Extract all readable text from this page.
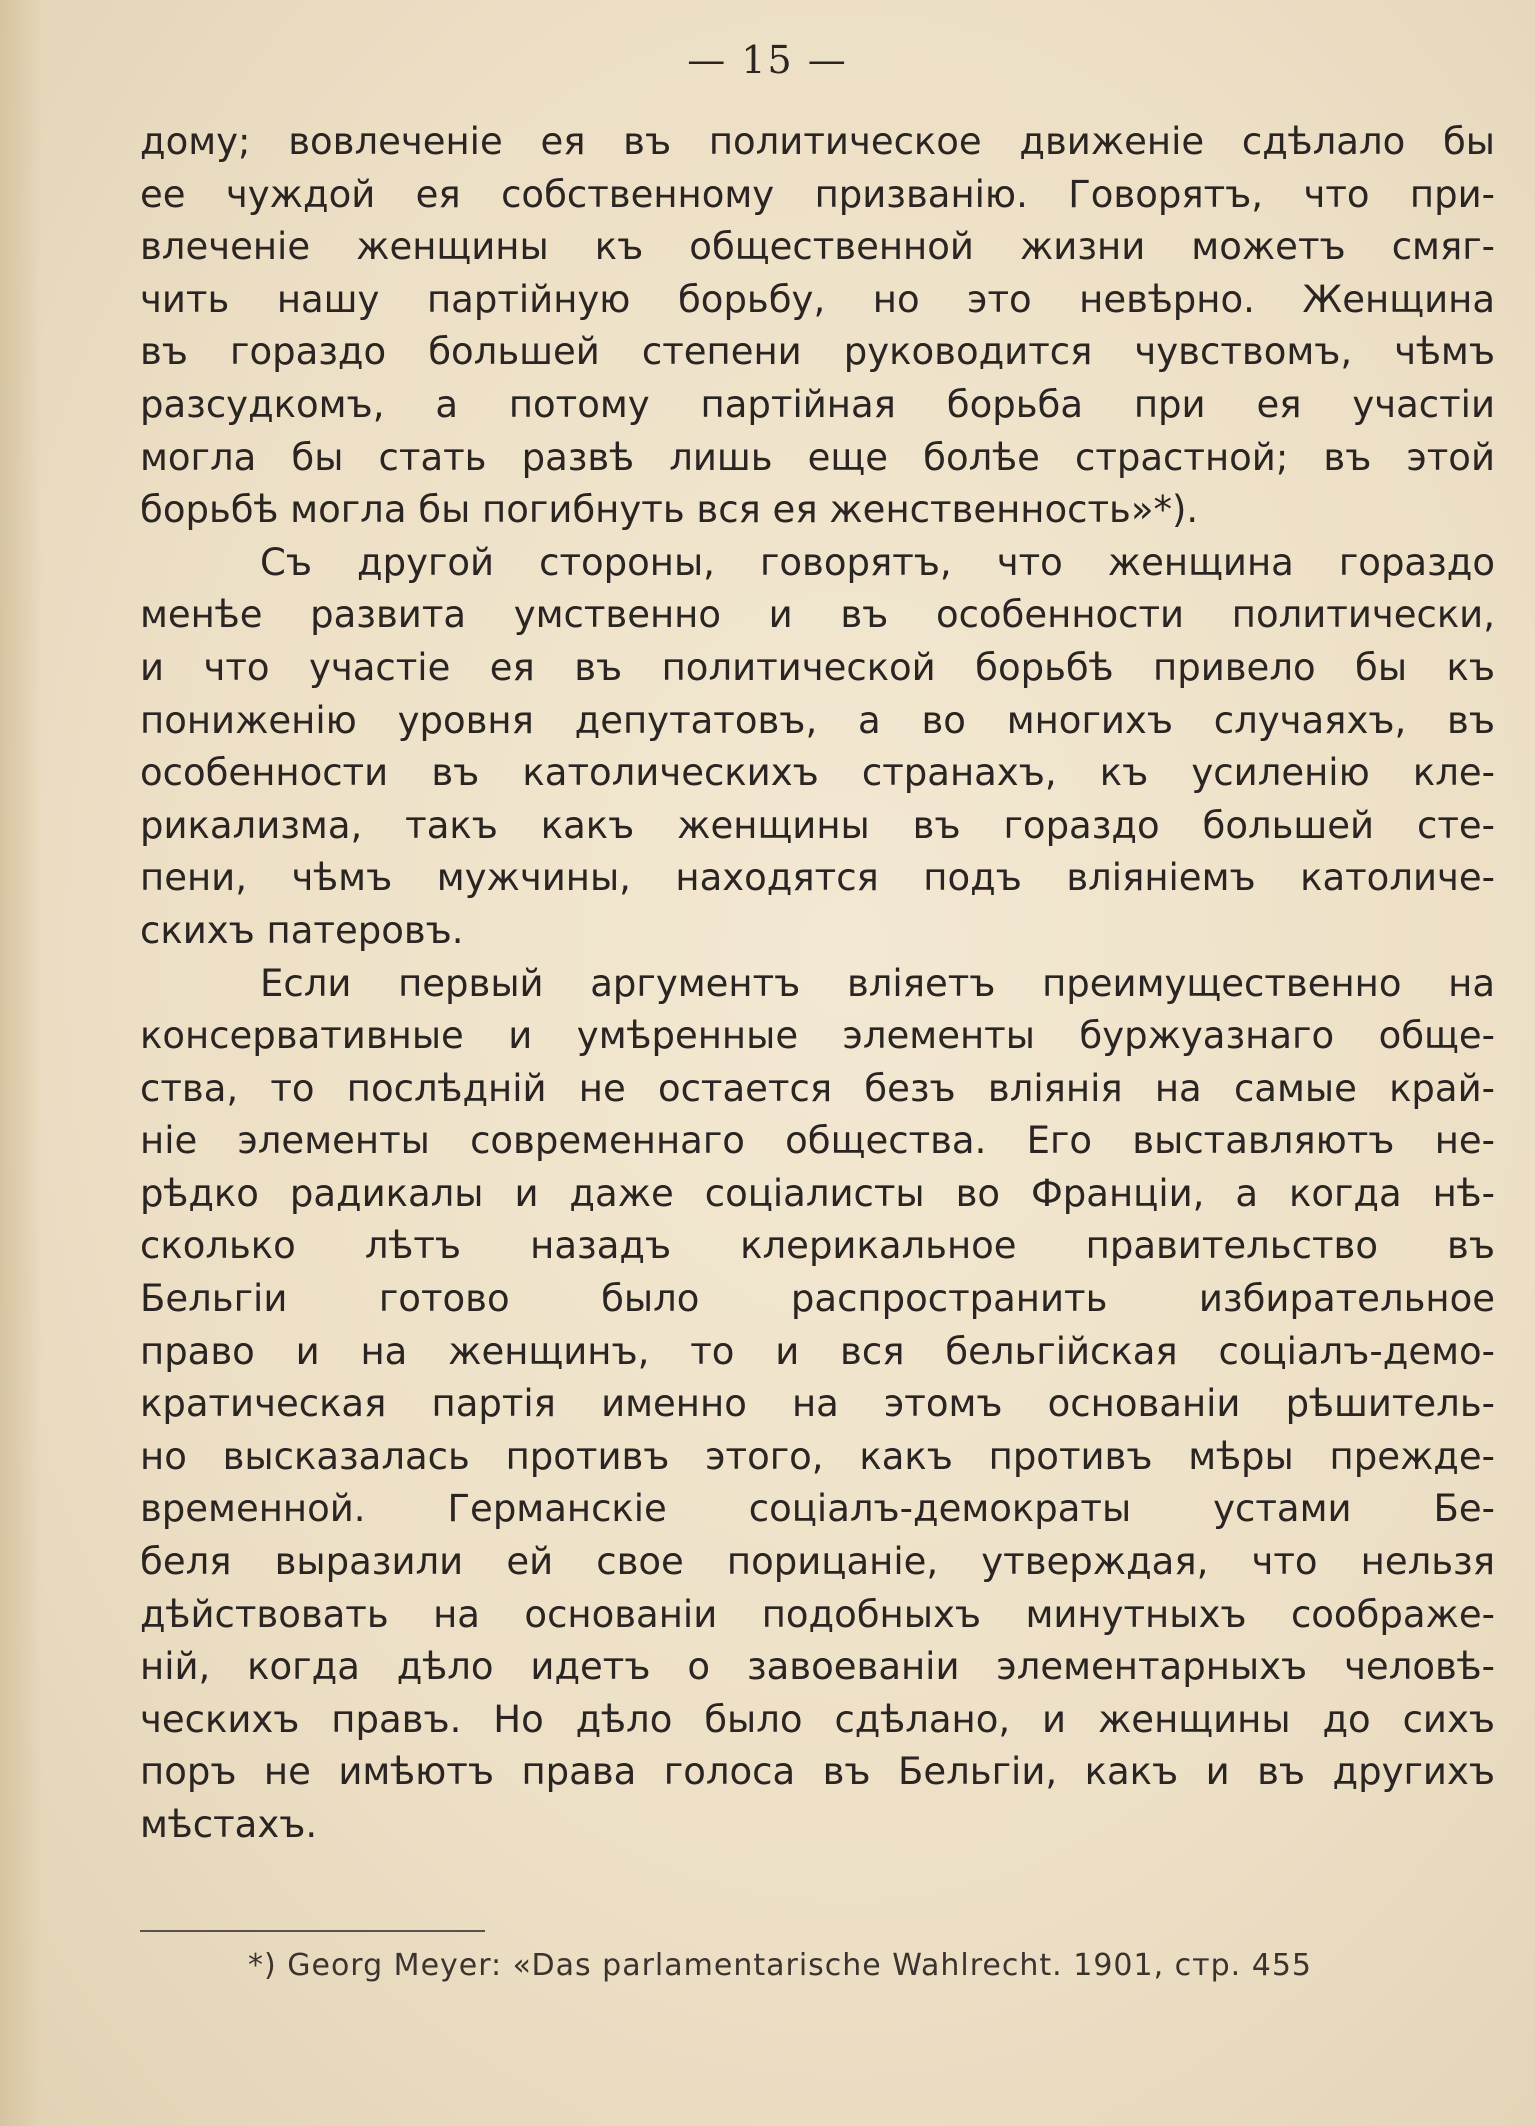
— 15 —
дому; вовлеченіе ея въ политическое движеніе сдѣлало бы
ее чуждой ея собственному призванію. Говорятъ, что при-
влеченіе женщины къ общественной жизни можетъ смяг-
чить нашу партійную борьбу, но это невѣрно. Женщина
въ гораздо большей степени руководится чувствомъ, чѣмъ
разсудкомъ, а потому партійная борьба при ея участіи
могла бы стать развѣ лишь еще болѣе страстной; въ этой
борьбѣ могла бы погибнуть вся ея женственность»*).
Съ другой стороны, говорятъ, что женщина гораздо
менѣе развита умственно и въ особенности политически,
и что участіе ея въ политической борьбѣ привело бы къ
пониженію уровня депутатовъ, а во многихъ случаяхъ, въ
особенности въ католическихъ странахъ, къ усиленію кле-
рикализма, такъ какъ женщины въ гораздо большей сте-
пени, чѣмъ мужчины, находятся подъ вліяніемъ католиче-
скихъ патеровъ.
Если первый аргументъ вліяетъ преимущественно на
консервативные и умѣренные элементы буржуазнаго обще-
ства, то послѣдній не остается безъ вліянія на самые край-
ніе элементы современнаго общества. Его выставляютъ не-
рѣдко радикалы и даже соціалисты во Франціи, а когда нѣ-
сколько лѣтъ назадъ клерикальное правительство въ
Бельгіи готово было распространить избирательное
право и на женщинъ, то и вся бельгійская соціалъ-демо-
кратическая партія именно на этомъ основаніи рѣшитель-
но высказалась противъ этого, какъ противъ мѣры прежде-
временной. Германскіе соціалъ-демократы устами Бе-
беля выразили ей свое порицаніе, утверждая, что нельзя
дѣйствовать на основаніи подобныхъ минутныхъ соображе-
ній, когда дѣло идетъ о завоеваніи элементарныхъ человѣ-
ческихъ правъ. Но дѣло было сдѣлано, и женщины до сихъ
поръ не имѣютъ права голоса въ Бельгіи, какъ и въ другихъ
мѣстахъ.
*) Georg Meyer: «Das parlamentarische Wahlrecht. 1901, стр. 455
